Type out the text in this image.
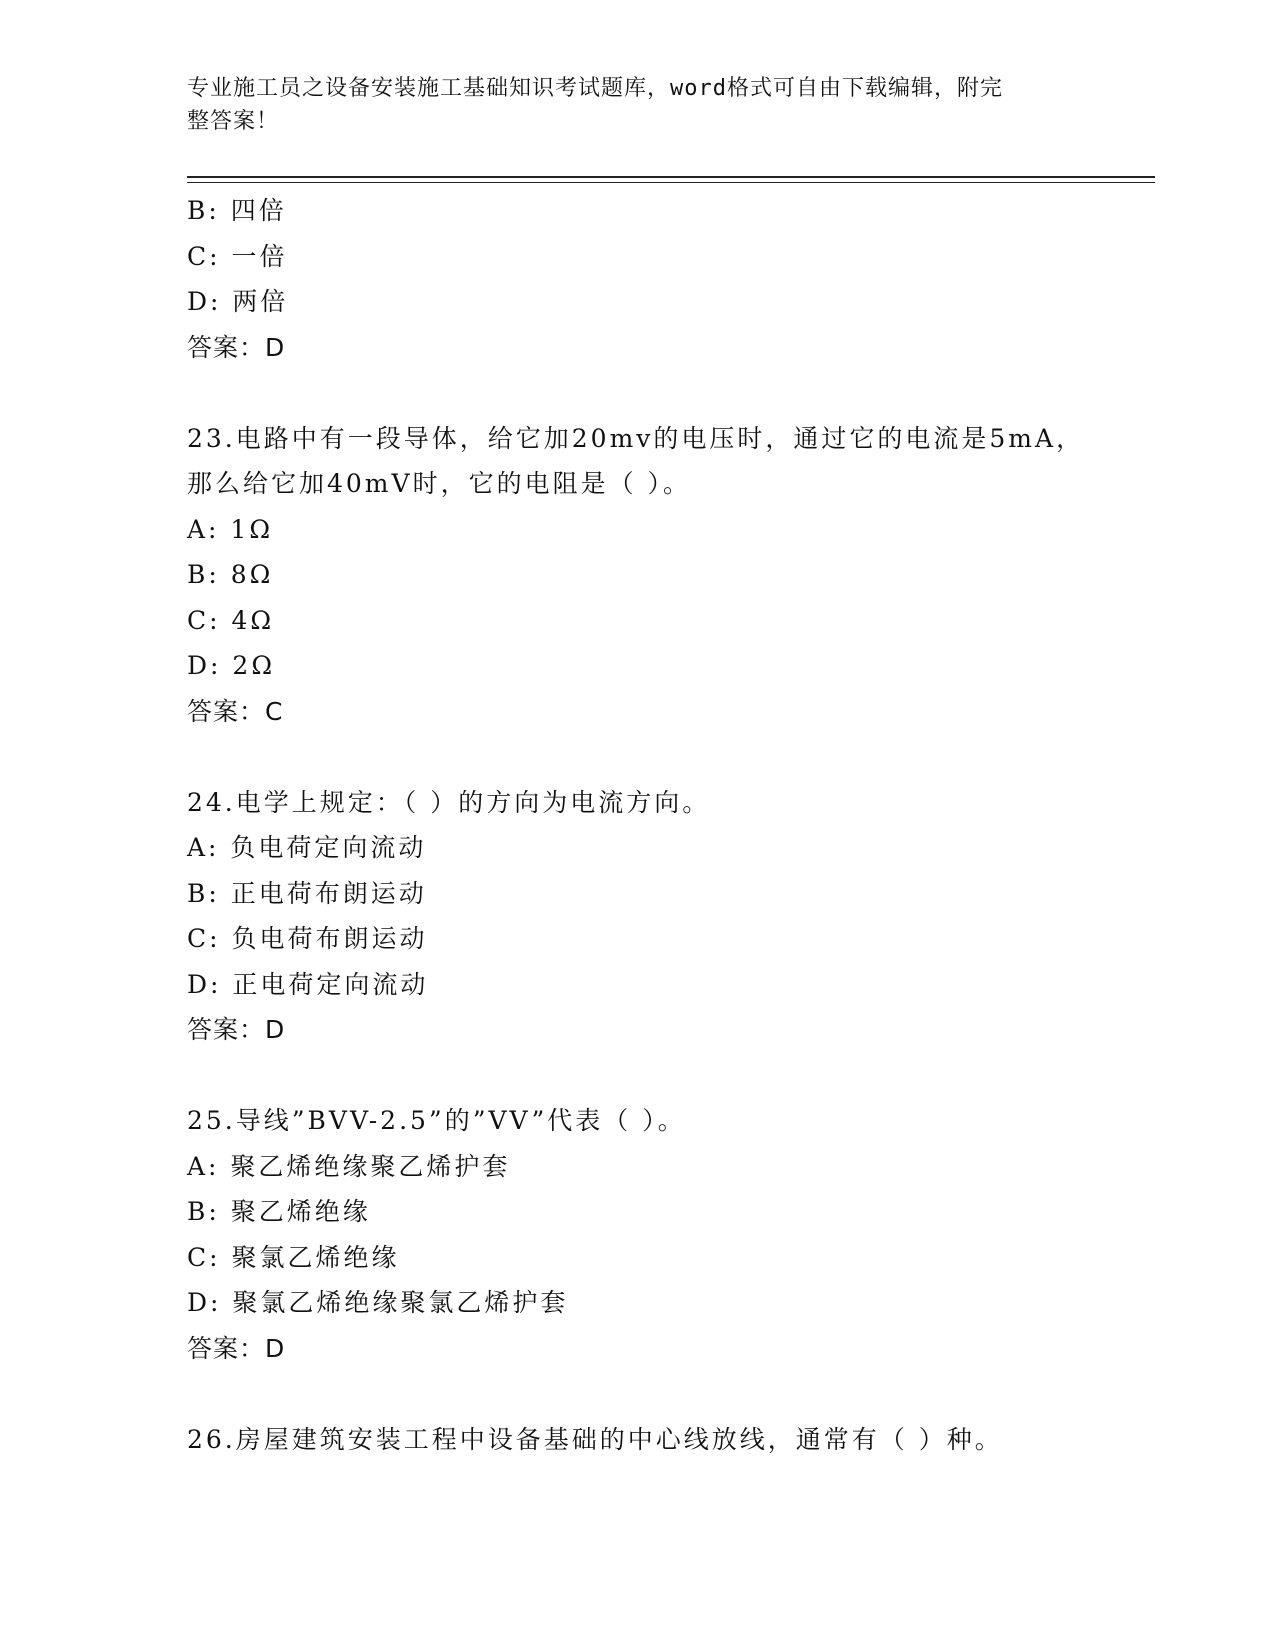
专业施工员之设备安装施工基础知识考试题库，word格式可自由下载编辑，附完
整答案！

B: 四倍

C: 一倍

D: 两倍

答案：D

23.电路中有一段导体，给它加20mv的电压时，通过它的电流是5mA，

那么给它加40mV时，它的电阻是（ ）。

A: 1Ω

B: 8Ω

C: 4Ω

D: 2Ω

答案：C

24.电学上规定：（ ）的方向为电流方向。

A: 负电荷定向流动

B: 正电荷布朗运动

C: 负电荷布朗运动

D: 正电荷定向流动

答案：D

25.导线”BVV-2.5”的”VV”代表（ ）。

A: 聚乙烯绝缘聚乙烯护套

B: 聚乙烯绝缘

C: 聚氯乙烯绝缘

D: 聚氯乙烯绝缘聚氯乙烯护套

答案：D

26.房屋建筑安装工程中设备基础的中心线放线，通常有（ ）种。
